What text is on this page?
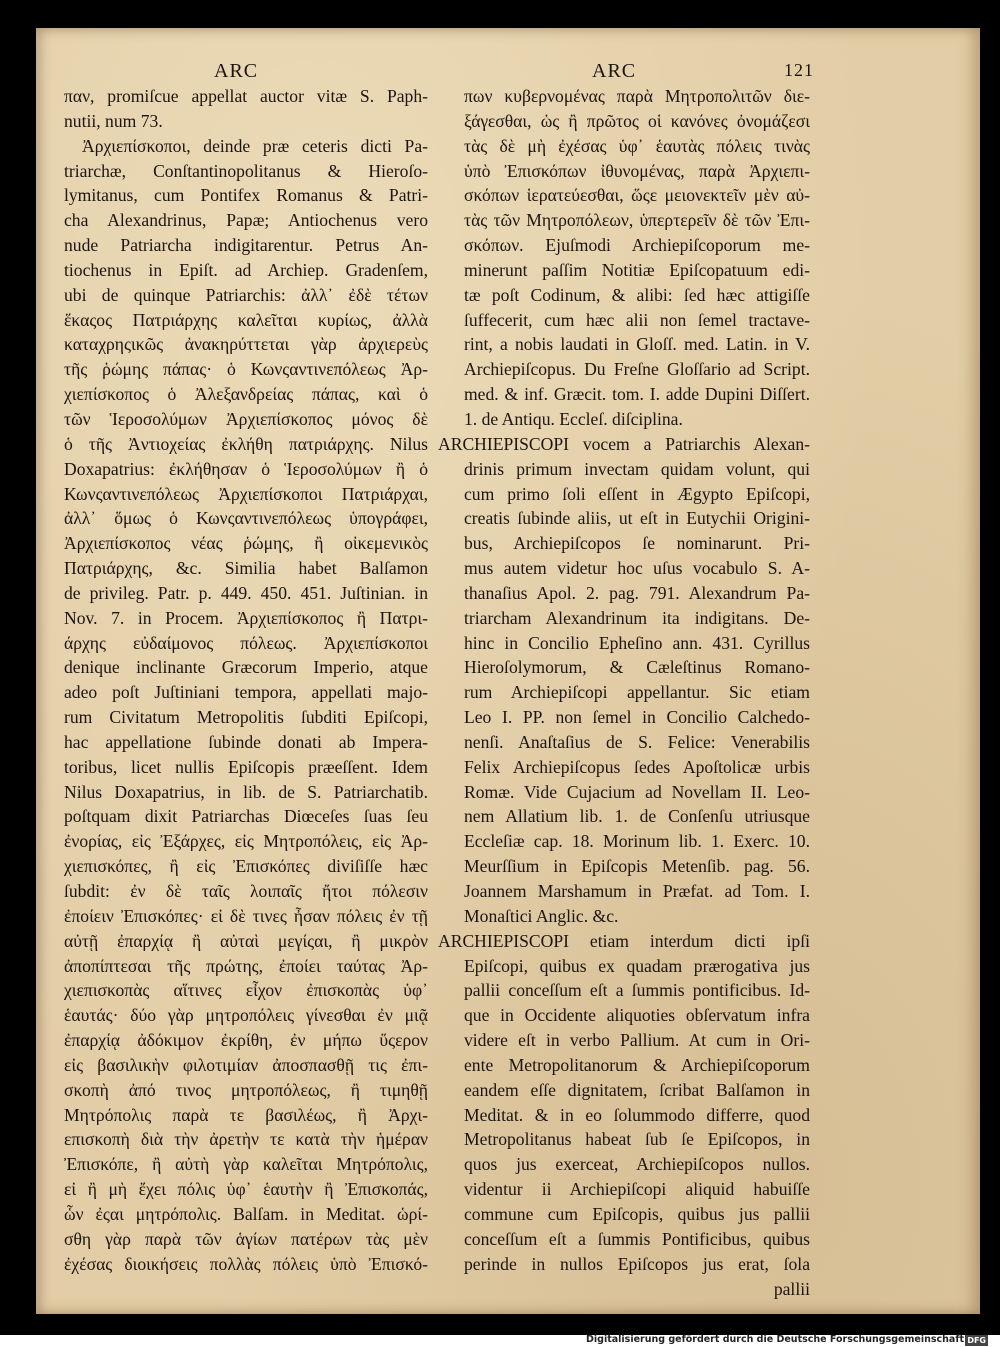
ARC	ARC	121
παν, promiſcue appellat auctor vitæ S. Paph-
nutii, num 73.
Ἀρχιεπίσκοποι, deinde præ ceteris dicti Pa-
triarchæ, Conſtantinopolitanus & Hieroſo-
lymitanus, cum Pontifex Romanus & Patri-
cha Alexandrinus, Papæ; Antiochenus vero
nude Patriarcha indigitarentur. Petrus An-
tiochenus in Epiſt. ad Archiep. Gradenſem,
ubi de quinque Patriarchis: ἀλλ᾽ ἐδὲ τέτων
ἕκαςος Πατριάρχης καλεῖται κυρίως, ἀλλὰ
καταχρηςικῶς ἀνακηρύττεται γὰρ ἀρχιερεὺς
τῆς ῥώμης πάπας· ὁ Κωνςαντινεπόλεως Ἀρ-
χιεπίσκοπος ὁ Ἀλεξανδρείας πάπας, καὶ ὁ
τῶν Ἱεροσολύμων Ἀρχιεπίσκοπος μόνος δὲ
ὁ τῆς Ἀντιοχείας ἐκλήθη πατριάρχης. Nilus
Doxapatrius: ἐκλήθησαν ὁ Ἱεροσολύμων ἢ ὁ
Κωνςαντινεπόλεως Ἀρχιεπίσκοποι Πατριάρχαι,
ἀλλ᾽ ὅμως ὁ Κωνςαντινεπόλεως ὑπογράφει,
Ἀρχιεπίσκοπος νέας ῥώμης, ἢ οἰκεμενικὸς
Πατριάρχης, &c. Similia habet Balſamon
de privileg. Patr. p. 449. 450. 451. Juſtinian. in
Nov. 7. in Procem. Ἀρχιεπίσκοπος ἢ Πατρι-
άρχης εὐδαίμονος πόλεως. Ἀρχιεπίσκοποι
denique inclinante Græcorum Imperio, atque
adeo poſt Juſtiniani tempora, appellati majo-
rum Civitatum Metropolitis ſubditi Epiſcopi,
hac appellatione ſubinde donati ab Impera-
toribus, licet nullis Epiſcopis præeſſent. Idem
Nilus Doxapatrius, in lib. de S. Patriarchatib.
poſtquam dixit Patriarchas Diœceſes ſuas ſeu
ἐνορίας, εἰς Ἐξάρχες, εἰς Μητροπόλεις, εἰς Ἀρ-
χιεπισκόπες, ἢ εἰς Ἐπισκόπες diviſiſſe hæc
ſubdit: ἐν δὲ ταῖς λοιπαῖς ἤτοι πόλεσιν
ἐποίειν Ἐπισκόπες· εἰ δὲ τινες ἦσαν πόλεις ἐν τῇ
αὐτῇ ἐπαρχίᾳ ἢ αὐταὶ μεγίςαι, ἢ μικρὸν
ἀποπίπτεσαι τῆς πρώτης, ἐποίει ταύτας Ἀρ-
χιεπισκοπὰς αἵτινες εἶχον ἐπισκοπὰς ὑφ᾽
ἑαυτάς· δύο γὰρ μητροπόλεις γίνεσθαι ἐν μιᾷ
ἐπαρχίᾳ ἀδόκιμον ἐκρίθη, ἐν μήπω ὕςερον
εἰς βασιλικὴν φιλοτιμίαν ἀποσπασθῇ τις ἐπι-
σκοπὴ ἀπό τινος μητροπόλεως, ἢ τιμηθῇ
Μητρόπολις παρὰ τε βασιλέως, ἢ Ἀρχι-
επισκοπὴ διὰ τὴν ἀρετὴν τε κατὰ τὴν ἡμέραν
Ἐπισκόπε, ἢ αὐτὴ γὰρ καλεῖται Μητρόπολις,
εἰ ἢ μὴ ἔχει πόλις ὑφ᾽ ἑαυτὴν ἢ Ἐπισκοπάς,
ὧν ἐςαι μητρόπολις. Balſam. in Meditat. ὡρί-
σθη γὰρ παρὰ τῶν ἁγίων πατέρων τὰς μὲν
ἐχέσας διοικήσεις πολλὰς πόλεις ὑπὸ Ἐπισκό-
πων κυβερνομένας παρὰ Μητροπολιτῶν διε-
ξάγεσθαι, ὡς ἢ πρῶτος οἱ κανόνες ὀνομάζεσι
τὰς δὲ μὴ ἐχέσας ὑφ᾽ ἑαυτὰς πόλεις τινὰς
ὑπὸ Ἐπισκόπων ἰθυνομένας, παρὰ Ἀρχιεπι-
σκόπων ἱερατεύεσθαι, ὥςε μειονεκτεῖν μὲν αὐ-
τὰς τῶν Μητροπόλεων, ὑπερτερεῖν δὲ τῶν Ἐπι-
σκόπων. Ejuſmodi Archiepiſcoporum me-
minerunt paſſim Notitiæ Epiſcopatuum edi-
tæ poſt Codinum, & alibi: ſed hæc attigiſſe
ſuffecerit, cum hæc alii non ſemel tractave-
rint, a nobis laudati in Gloſſ. med. Latin. in V.
Archiepiſcopus. Du Freſne Gloſſario ad Script.
med. & inf. Græcit. tom. I. adde Dupini Diſſert.
1. de Antiqu. Eccleſ. diſciplina.
ARCHIEPISCOPI vocem a Patriarchis Alexan-
drinis primum invectam quidam volunt, qui
cum primo ſoli eſſent in Ægypto Epiſcopi,
creatis ſubinde aliis, ut eſt in Eutychii Origini-
bus, Archiepiſcopos ſe nominarunt. Pri-
mus autem videtur hoc uſus vocabulo S. A-
thanaſius Apol. 2. pag. 791. Alexandrum Pa-
triarcham Alexandrinum ita indigitans. De-
hinc in Concilio Epheſino ann. 431. Cyrillus
Hieroſolymorum, & Cæleſtinus Romano-
rum Archiepiſcopi appellantur. Sic etiam
Leo I. PP. non ſemel in Concilio Calchedo-
nenſi. Anaſtaſius de S. Felice: Venerabilis
Felix Archiepiſcopus ſedes Apoſtolicæ urbis
Romæ. Vide Cujacium ad Novellam II. Leo-
nem Allatium lib. 1. de Conſenſu utriusque
Eccleſiæ cap. 18. Morinum lib. 1. Exerc. 10.
Meurſſium in Epiſcopis Metenſib. pag. 56.
Joannem Marshamum in Præfat. ad Tom. I.
Monaſtici Anglic. &c.
ARCHIEPISCOPI etiam interdum dicti ipſi
Epiſcopi, quibus ex quadam prærogativa jus
pallii conceſſum eſt a ſummis pontificibus. Id-
que in Occidente aliquoties obſervatum infra
videre eſt in verbo Pallium. At cum in Ori-
ente Metropolitanorum & Archiepiſcoporum
eandem eſſe dignitatem, ſcribat Balſamon in
Meditat. & in eo ſolummodo differre, quod
Metropolitanus habeat ſub ſe Epiſcopos, in
quos jus exerceat, Archiepiſcopos nullos.
videntur ii Archiepiſcopi aliquid habuiſſe
commune cum Epiſcopis, quibus jus pallii
conceſſum eſt a ſummis Pontificibus, quibus
perinde in nullos Epiſcopos jus erat, ſola
pallii
Digitalisierung gefördert durch die Deutsche Forschungsgemeinschaft DFG
